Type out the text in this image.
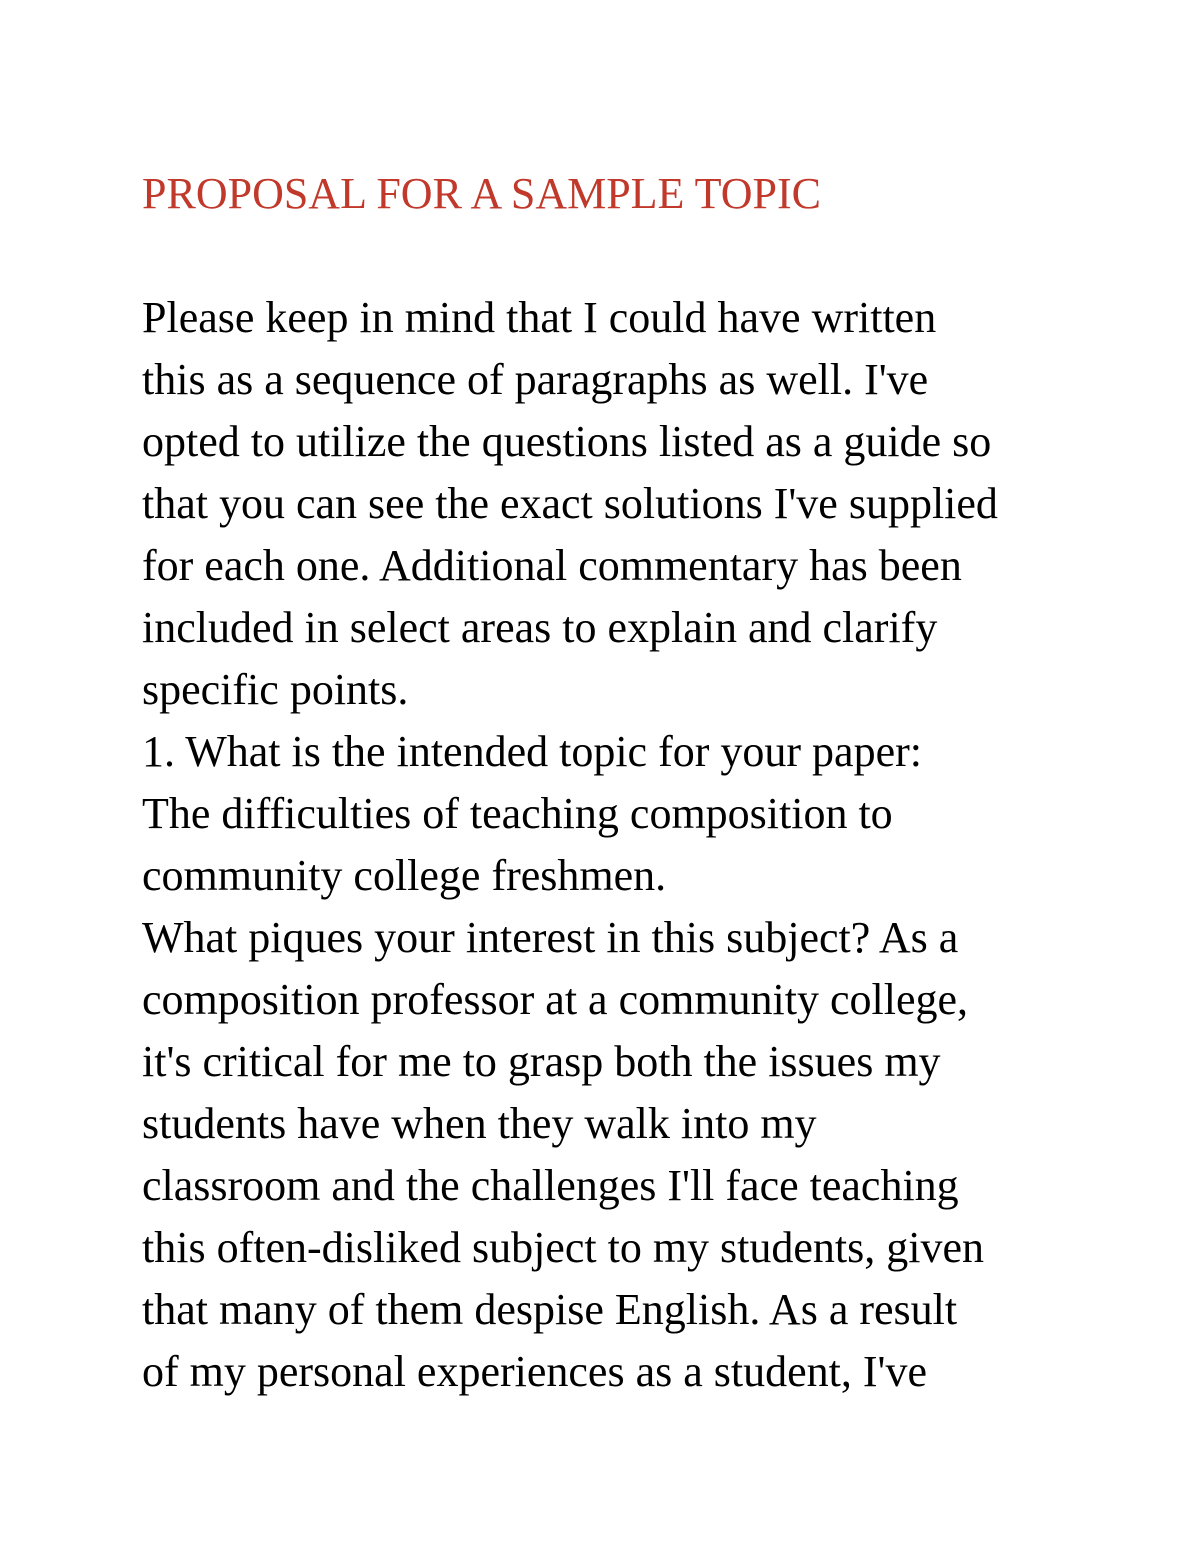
PROPOSAL FOR A SAMPLE TOPIC
Please keep in mind that I could have written
this as a sequence of paragraphs as well. I've
opted to utilize the questions listed as a guide so
that you can see the exact solutions I've supplied
for each one. Additional commentary has been
included in select areas to explain and clarify
specific points.
1. What is the intended topic for your paper:
The difficulties of teaching composition to
community college freshmen.
What piques your interest in this subject? As a
composition professor at a community college,
it's critical for me to grasp both the issues my
students have when they walk into my
classroom and the challenges I'll face teaching
this often-disliked subject to my students, given
that many of them despise English. As a result
of my personal experiences as a student, I've
